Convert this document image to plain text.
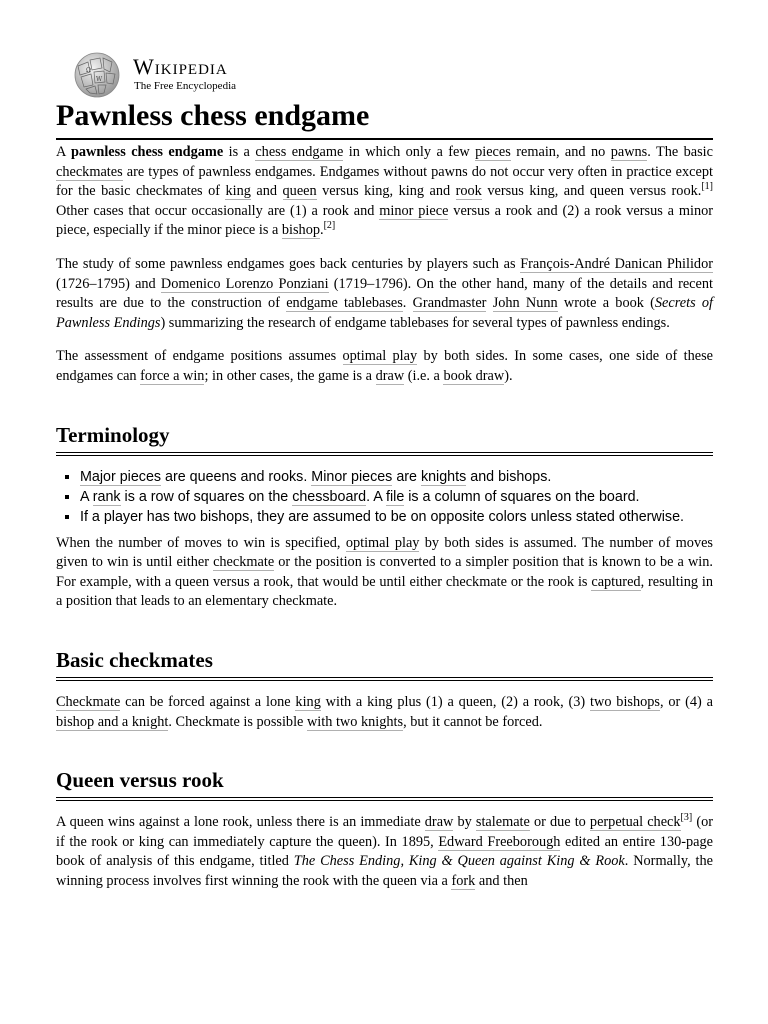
Ω
W
Wikipedia
The Free Encyclopedia
Pawnless chess endgame

A pawnless chess endgame is a chess endgame in which only a few pieces remain, and no pawns. The basic checkmates are types of pawnless endgames. Endgames without pawns do not occur very often in practice except for the basic checkmates of king and queen versus king, king and rook versus king, and queen versus rook.[1] Other cases that occur occasionally are (1) a rook and minor piece versus a rook and (2) a rook versus a minor piece, especially if the minor piece is a bishop.[2]

The study of some pawnless endgames goes back centuries by players such as François-André Danican Philidor (1726–1795) and Domenico Lorenzo Ponziani (1719–1796). On the other hand, many of the details and recent results are due to the construction of endgame tablebases. Grandmaster John Nunn wrote a book (Secrets of Pawnless Endings) summarizing the research of endgame tablebases for several types of pawnless endings.

The assessment of endgame positions assumes optimal play by both sides. In some cases, one side of these endgames can force a win; in other cases, the game is a draw (i.e. a book draw).

Terminology
▪ Major pieces are queens and rooks. Minor pieces are knights and bishops.
▪ A rank is a row of squares on the chessboard. A file is a column of squares on the board.
▪ If a player has two bishops, they are assumed to be on opposite colors unless stated otherwise.

When the number of moves to win is specified, optimal play by both sides is assumed. The number of moves given to win is until either checkmate or the position is converted to a simpler position that is known to be a win. For example, with a queen versus a rook, that would be until either checkmate or the rook is captured, resulting in a position that leads to an elementary checkmate.

Basic checkmates

Checkmate can be forced against a lone king with a king plus (1) a queen, (2) a rook, (3) two bishops, or (4) a bishop and a knight. Checkmate is possible with two knights, but it cannot be forced.

Queen versus rook

A queen wins against a lone rook, unless there is an immediate draw by stalemate or due to perpetual check[3] (or if the rook or king can immediately capture the queen). In 1895, Edward Freeborough edited an entire 130-page book of analysis of this endgame, titled The Chess Ending, King & Queen against King & Rook. Normally, the winning process involves first winning the rook with the queen via a fork and then
